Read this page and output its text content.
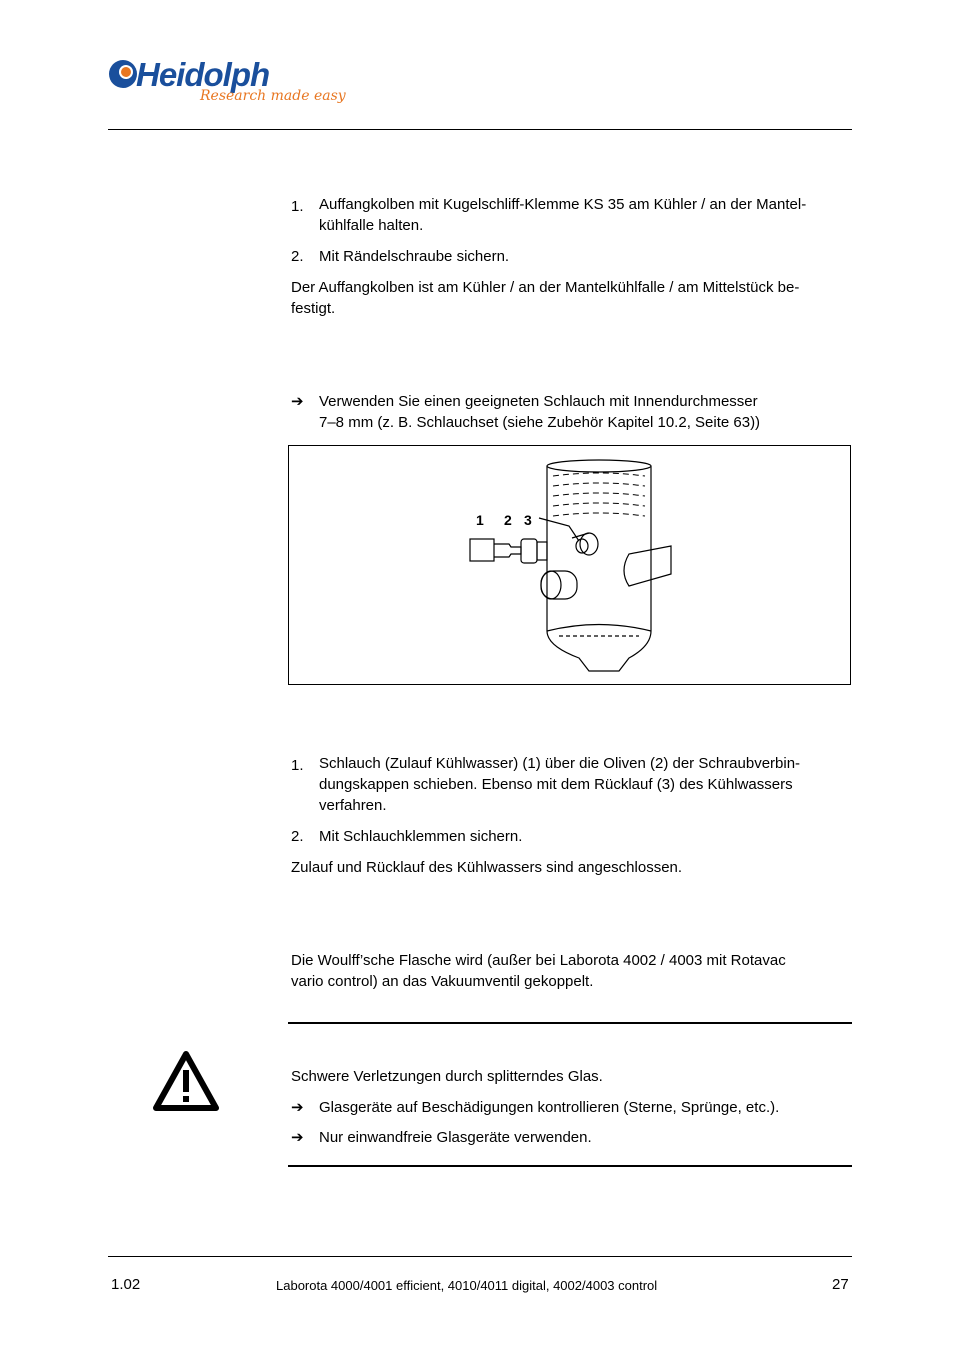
Heidolph
Research made easy
1. Auffangkolben mit Kugelschliff-Klemme KS 35 am Kühler / an der Mantel-
kühlfalle halten.
2. Mit Rändelschraube sichern.
Der Auffangkolben ist am Kühler / an der Mantelkühlfalle / am Mittelstück be-
festigt.
➔ Verwenden Sie einen geeigneten Schlauch mit Innendurchmesser
7–8 mm (z. B. Schlauchset (siehe Zubehör Kapitel 10.2, Seite 63))
1 2 3
1. Schlauch (Zulauf Kühlwasser) (1) über die Oliven (2) der Schraubverbin-
dungskappen schieben. Ebenso mit dem Rücklauf (3) des Kühlwassers
verfahren.
2. Mit Schlauchklemmen sichern.
Zulauf und Rücklauf des Kühlwassers sind angeschlossen.
Die Woulff’sche Flasche wird (außer bei Laborota 4002 / 4003 mit Rotavac
vario control) an das Vakuumventil gekoppelt.
Schwere Verletzungen durch splitterndes Glas.
➔ Glasgeräte auf Beschädigungen kontrollieren (Sterne, Sprünge, etc.).
➔ Nur einwandfreie Glasgeräte verwenden.
1.02	Laborota 4000/4001 efficient, 4010/4011 digital, 4002/4003 control	27
